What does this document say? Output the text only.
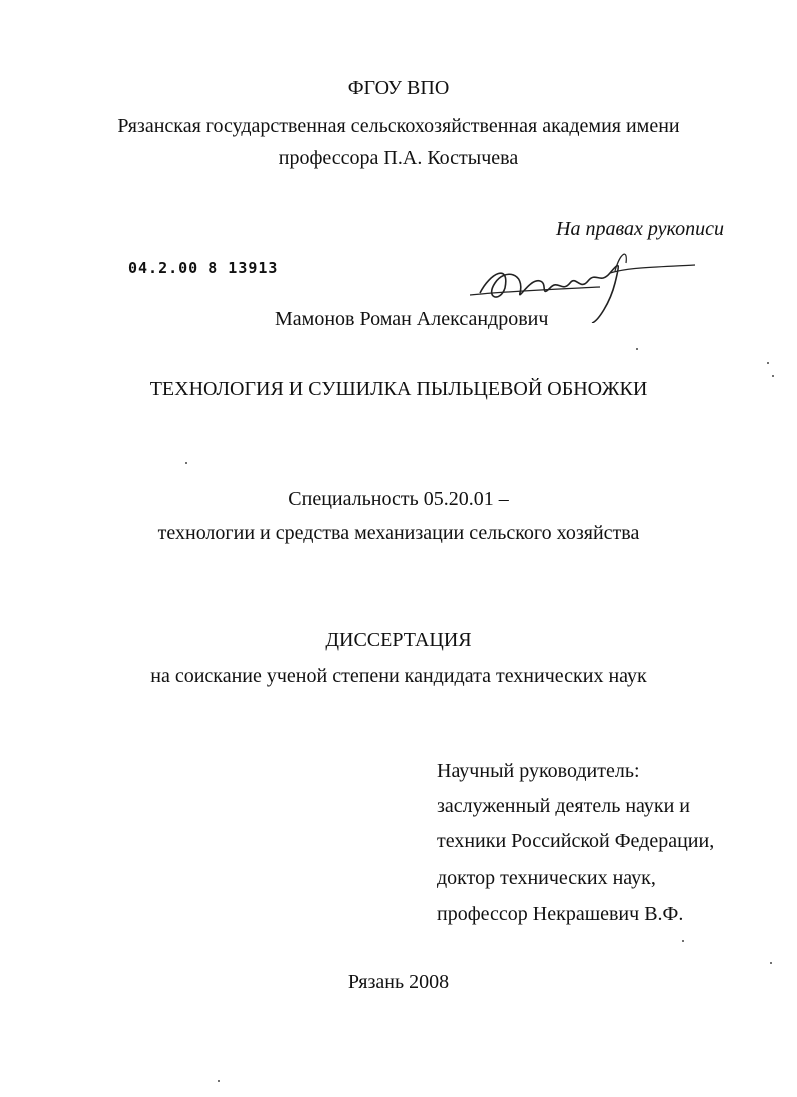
ФГОУ ВПО
Рязанская государственная сельскохозяйственная академия имени
профессора П.А. Костычева
На правах рукописи
04.2.00 8 13913
Мамонов Роман Александрович
ТЕХНОЛОГИЯ И СУШИЛКА ПЫЛЬЦЕВОЙ ОБНОЖКИ
Специальность 05.20.01 –
технологии и средства механизации сельского хозяйства
ДИССЕРТАЦИЯ
на соискание ученой степени кандидата технических наук
Научный руководитель:
заслуженный деятель науки и
техники Российской Федерации,
доктор технических наук,
профессор Некрашевич В.Ф.
Рязань 2008
